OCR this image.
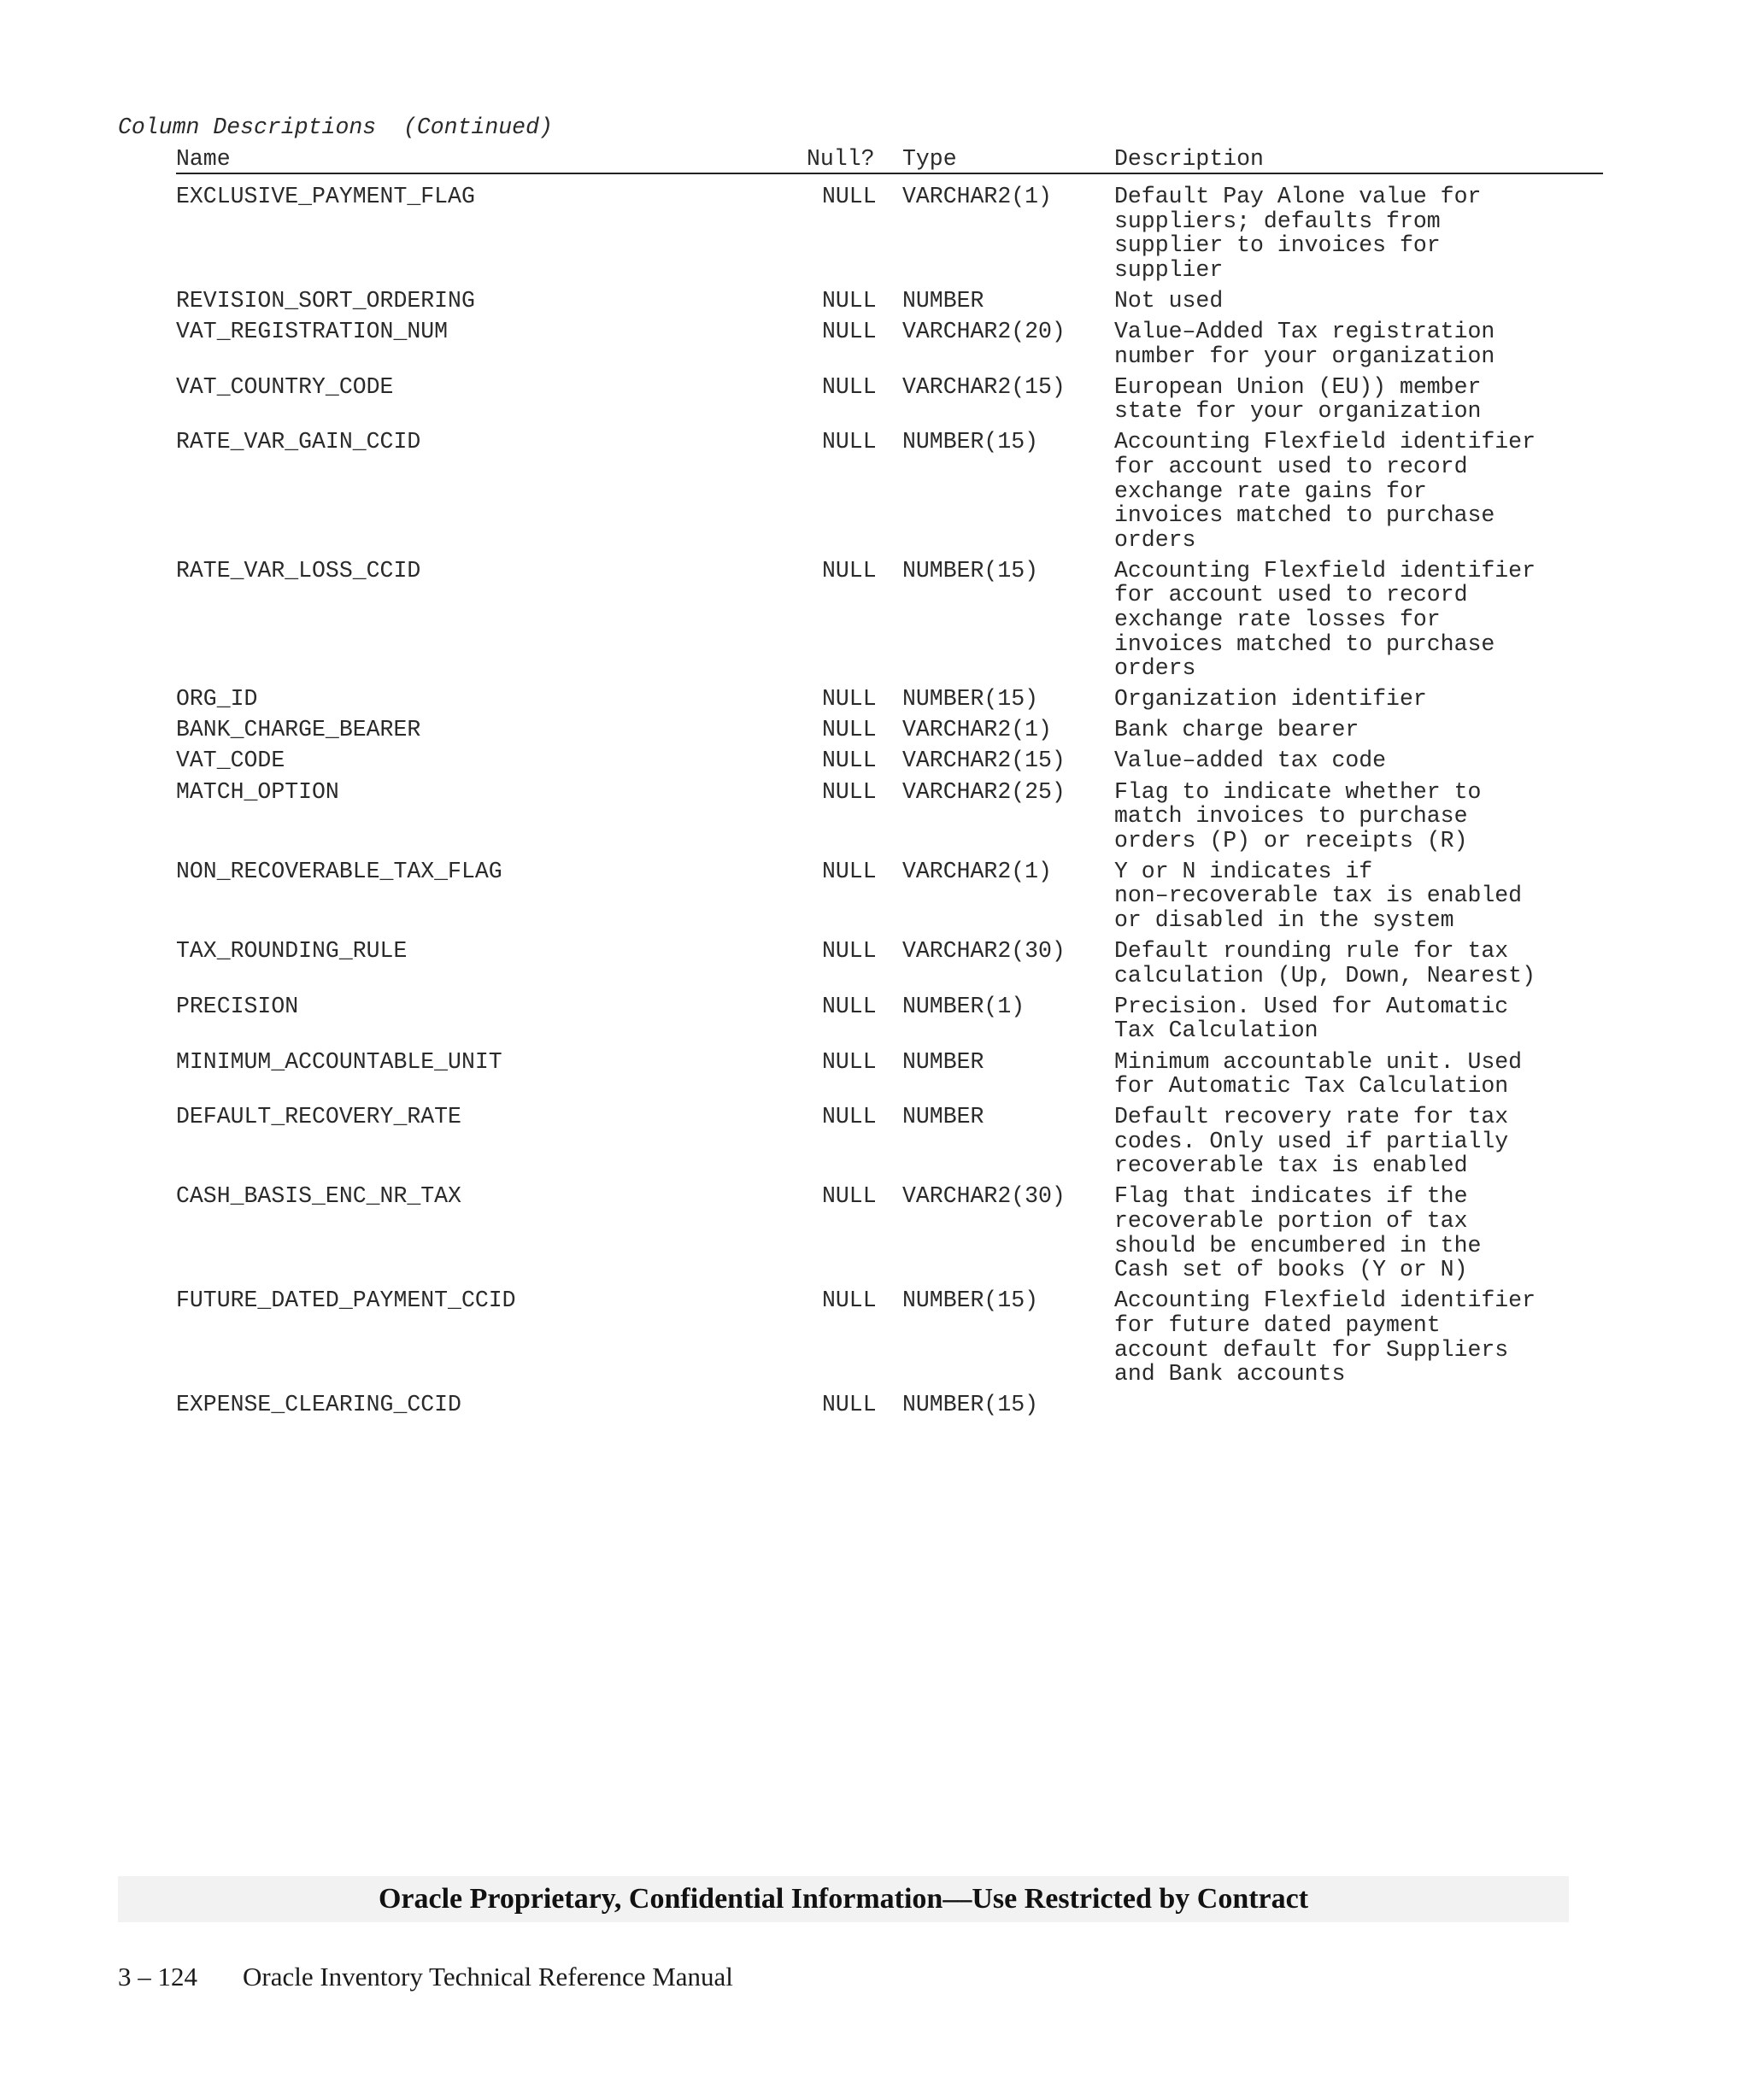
Column Descriptions  (Continued)
Name	Null? Type	Description
EXCLUSIVE_PAYMENT_FLAG	NULL VARCHAR2(1)	Default Pay Alone value for
suppliers; defaults from
supplier to invoices for
supplier
REVISION_SORT_ORDERING	NULL NUMBER	Not used
VAT_REGISTRATION_NUM	NULL VARCHAR2(20) Value–Added Tax registration
number for your organization
VAT_COUNTRY_CODE	NULL VARCHAR2(15) European Union (EU)) member
state for your organization
RATE_VAR_GAIN_CCID	NULL NUMBER(15)	Accounting Flexfield identifier
for account used to record
exchange rate gains for
invoices matched to purchase
orders
RATE_VAR_LOSS_CCID	NULL NUMBER(15)	Accounting Flexfield identifier
for account used to record
exchange rate losses for
invoices matched to purchase
orders
ORG_ID	NULL NUMBER(15)	Organization identifier
BANK_CHARGE_BEARER	NULL VARCHAR2(1)	Bank charge bearer
VAT_CODE	NULL VARCHAR2(15) Value–added tax code
MATCH_OPTION	NULL VARCHAR2(25) Flag to indicate whether to
match invoices to purchase
orders (P) or receipts (R)
NON_RECOVERABLE_TAX_FLAG	NULL VARCHAR2(1)	Y or N indicates if
non–recoverable tax is enabled
or disabled in the system
TAX_ROUNDING_RULE	NULL VARCHAR2(30) Default rounding rule for tax
calculation (Up, Down, Nearest)
PRECISION	NULL NUMBER(1)	Precision. Used for Automatic
Tax Calculation
MINIMUM_ACCOUNTABLE_UNIT	NULL NUMBER	Minimum accountable unit. Used
for Automatic Tax Calculation
DEFAULT_RECOVERY_RATE	NULL NUMBER	Default recovery rate for tax
codes. Only used if partially
recoverable tax is enabled
CASH_BASIS_ENC_NR_TAX	NULL VARCHAR2(30) Flag that indicates if the
recoverable portion of tax
should be encumbered in the
Cash set of books (Y or N)
FUTURE_DATED_PAYMENT_CCID	NULL NUMBER(15)	Accounting Flexfield identifier
for future dated payment
account default for Suppliers
and Bank accounts
EXPENSE_CLEARING_CCID	NULL NUMBER(15)
Oracle Proprietary, Confidential Information––Use Restricted by Contract
3 – 124 Oracle Inventory Technical Reference Manual
